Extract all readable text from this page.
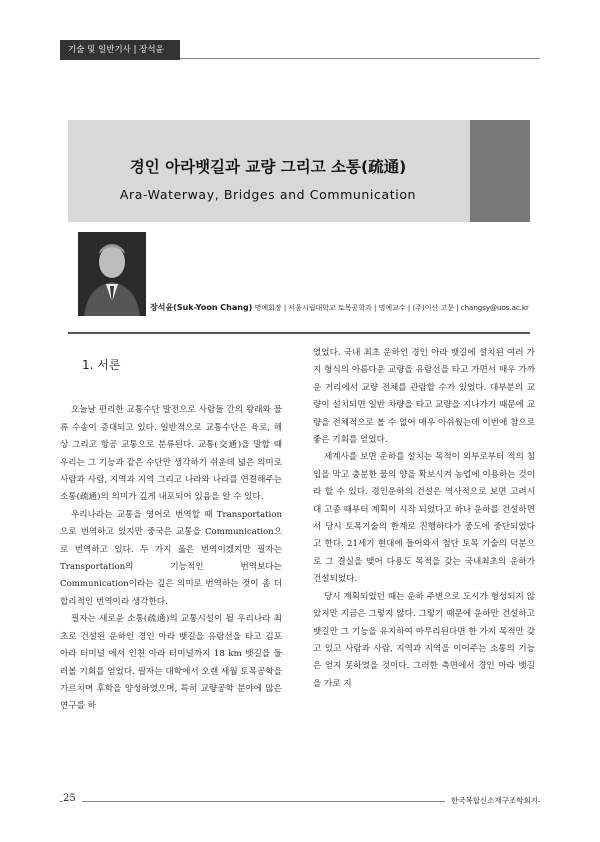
기술 및 일반기사 | 장석윤
경인 아라뱃길과 교량 그리고 소통(疏通)
Ara-Waterway, Bridges and Communication
장석윤(Suk-Yoon Chang) 명예회장 | 서울시립대학교 토목공학과 | 명예교수 | (주)이산 고문 | changsy@uos.ac.kr
1. 서론

오늘날 편리한 교통수단 발전으로 사람들 간의 왕래와 물류 수송이 증대되고 있다. 일반적으로 교통수단은 육로, 해상 그리고 항공 교통으로 분류된다. 교통(交通)을 말할 때 우리는 그 기능과 같은 수단만 생각하기 쉬운데 넓은 의미로 사람과 사람, 지역과 지역 그리고 나라와 나라를 연결해주는 소통(疏通)의 의미가 깊게 내포되어 있음을 알 수 있다.

우리나라는 교통을 영어로 번역할 때 Transportation으로 번역하고 있지만 중국은 교통을 Communication으로 번역하고 있다. 두 가지 옳은 번역이겠지만 필자는 Transportation의 기능적인 번역보다는 Communication이라는 깊은 의미로 번역하는 것이 좀 더 합리적인 번역이라 생각한다.

필자는 새로운 소통(疏通)의 교통시설이 될 우리나라 최초로 건설된 운하인 경인 아라 뱃길을 유람선을 타고 김포 아라 터미널 에서 인천 아라 터미널까지 18 km 뱃길을 둘러볼 기회를 얻었다. 필자는 대학에서 오랜 세월 토목공학을 가르치며 후학을 양성하였으며, 특히 교량공학 분야에 많은 연구를 하

였었다. 국내 최초 운하인 경인 아라 뱃길에 설치된 여러 가지 형식의 아름다운 교량을 유람선을 타고 가면서 매우 가까운 거리에서 교량 전체를 관람할 수가 있었다. 대부분의 교량이 설치되면 일반 차량을 타고 교량을 지나가기 때문에 교량을 전체적으로 볼 수 없어 매우 아쉬웠는데 이번에 참으로 좋은 기회를 얻었다.

세계사를 보면 운하를 설치는 목적이 외부로부터 적의 침입을 막고 충분한 물의 양을 확보시켜 농업에 이용하는 것이라 할 수 있다. 경인운하의 건설은 역사적으로 보면 고려시대 고종 때부터 계획이 시작 되었다고 하나 운하를 건설하면서 당시 토목기술의 한계로 진행하다가 중도에 중단되었다고 한다. 21세기 현대에 들어와서 첨단 토목 기술의 덕분으로 그 결실을 맺어 다용도 목적을 갖는 국내최초의 운하가 건설되었다.

당시 계획되었던 때는 운하 주변으로 도시가 형성되지 않았지만 지금은 그렇지 않다. 그렇기 때문에 운하만 건설하고 뱃길만 그 기능을 유지하여 마무리된다면 한 가지 목적만 갖고 있고 사람과 사람, 지역과 지역을 이어주는 소통의 기능은 얻지 못하였을 것이다. 그러한 측면에서 경인 아라 뱃길을 가로 지

25	한국복합신소재구조학회지
